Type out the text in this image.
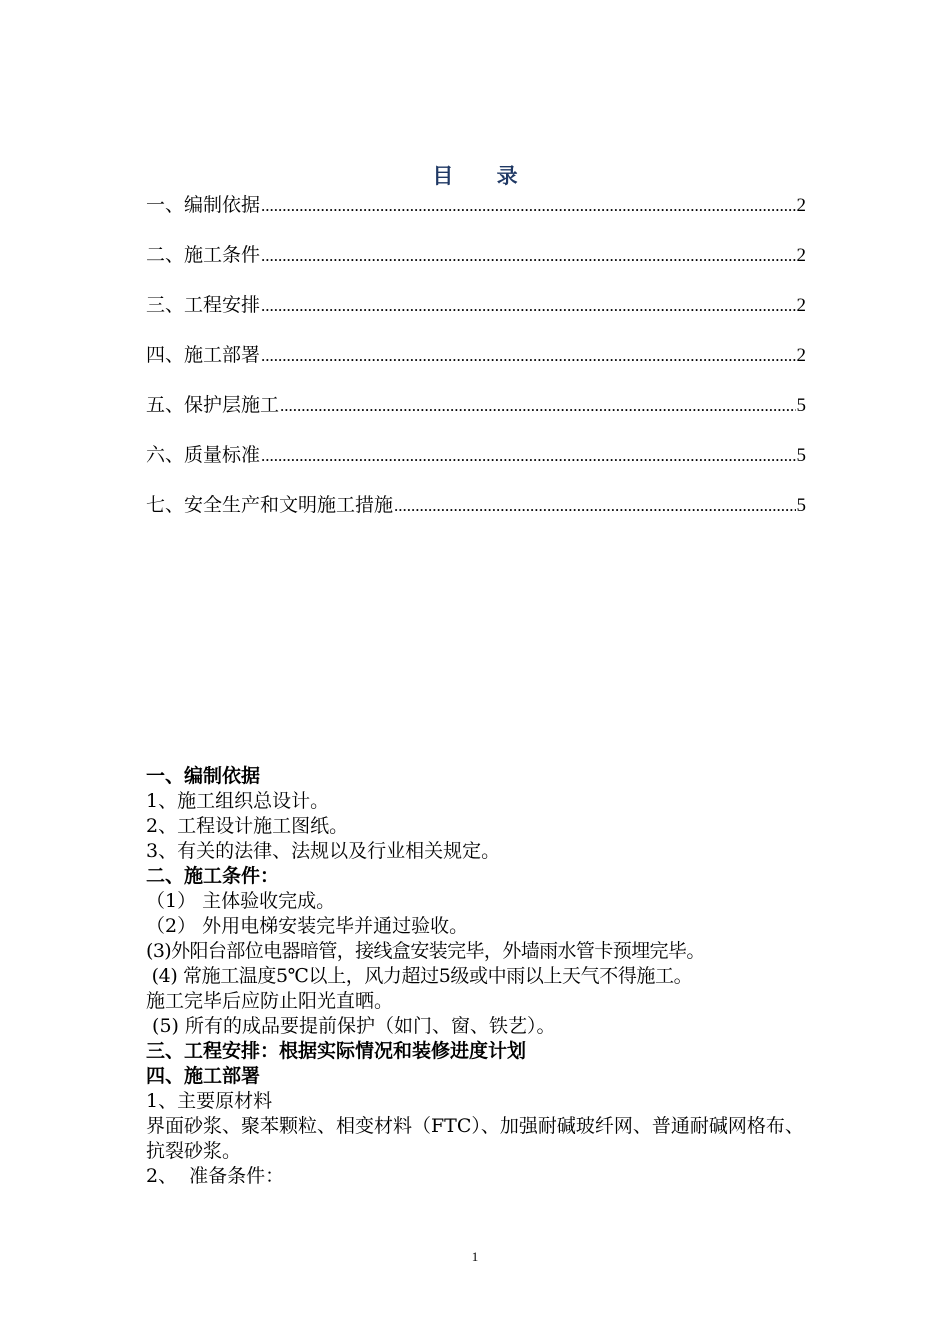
目 录
一、编制依据 .....	2
二、施工条件 .....	2
三、工程安排 .....	2
四、施工部署 .....	2
五、保护层施工 .....	5
六、质量标准 .....	5
七、安全生产和文明施工措施 .....	5

一、编制依据

1、施工组织总设计。

2、工程设计施工图纸。

3、有关的法律、法规以及行业相关规定。

二、施工条件：

（1） 主体验收完成。

（2） 外用电梯安装完毕并通过验收。

(3)外阳台部位电器暗管，接线盒安装完毕，外墙雨水管卡预埋完毕。

(4) 常施工温度5℃以上，风力超过5级或中雨以上天气不得施工。

施工完毕后应防止阳光直晒。

(5) 所有的成品要提前保护（如门、窗、铁艺）。

三、工程安排：根据实际情况和装修进度计划

四、施工部署

1、主要原材料

界面砂浆、聚苯颗粒、相变材料（FTC）、加强耐碱玻纤网、普通耐碱网格布、抗裂砂浆。

2、  准备条件：

1
